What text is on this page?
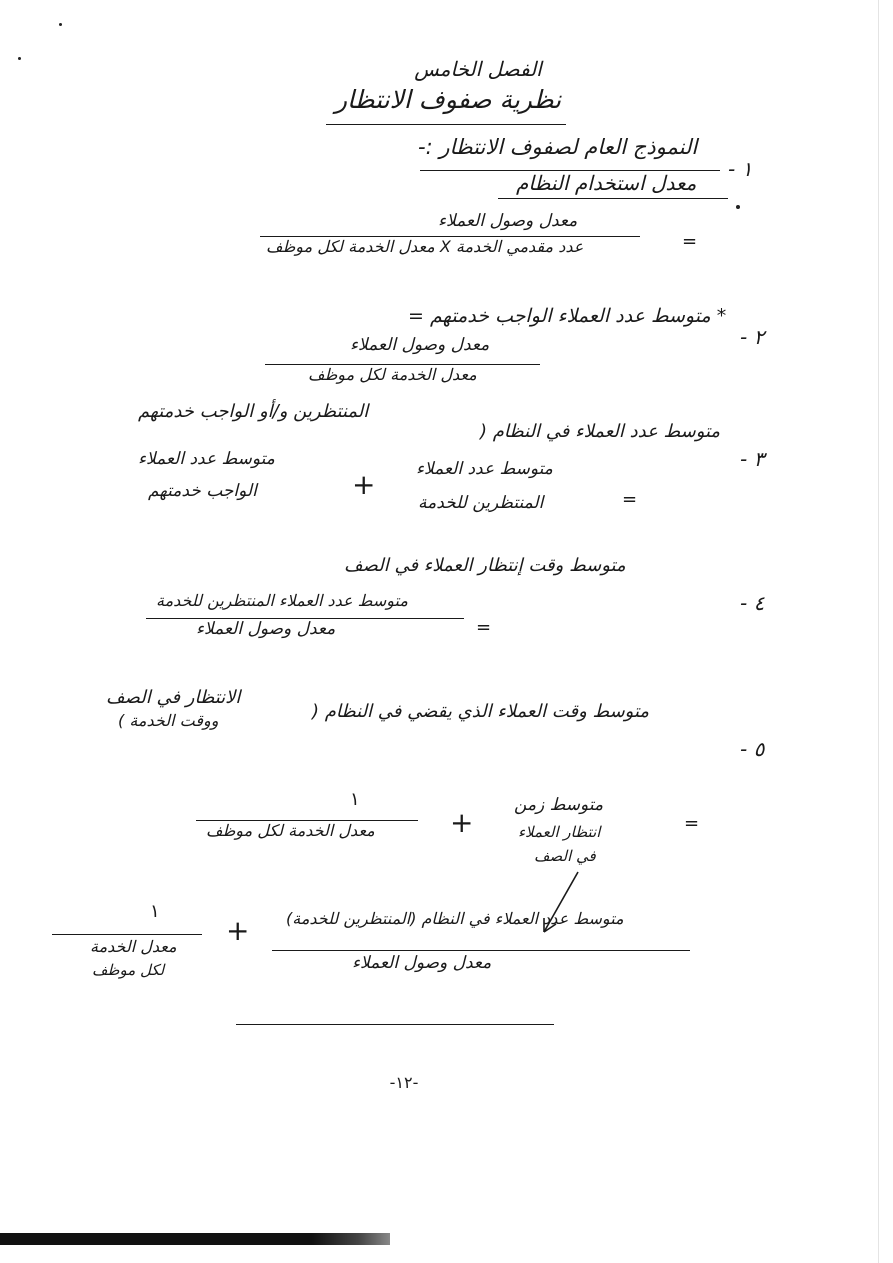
الفصل الخامس
نظرية صفوف الانتظار
١ -
النموذج العام لصفوف الانتظار :-
معدل استخدام النظام
معدل وصول العملاء
عدد مقدمي الخدمة X معدل الخدمة لكل موظف	=
٢ -
* متوسط عدد العملاء الواجب خدمتهم =
معدل وصول العملاء
معدل الخدمة لكل موظف
المنتظرين و/أو الواجب خدمتهم
٣ -
متوسط عدد العملاء في النظام (
=
متوسط عدد العملاء
المنتظرين للخدمة
+
متوسط عدد العملاء
الواجب خدمتهم
متوسط وقت إنتظار العملاء في الصف
٤ -
متوسط عدد العملاء المنتظرين للخدمة
معدل وصول العملاء	=
الانتظار في الصف
ووقت الخدمة )	متوسط وقت العملاء الذي يقضي في النظام (
٥ -
=
متوسط زمن
انتظار العملاء
في الصف
+
١
معدل الخدمة لكل موظف
متوسط عدد العملاء في النظام (المنتظرين للخدمة)
معدل وصول العملاء
+
١
معدل الخدمة
لكل موظف
-١٢-
